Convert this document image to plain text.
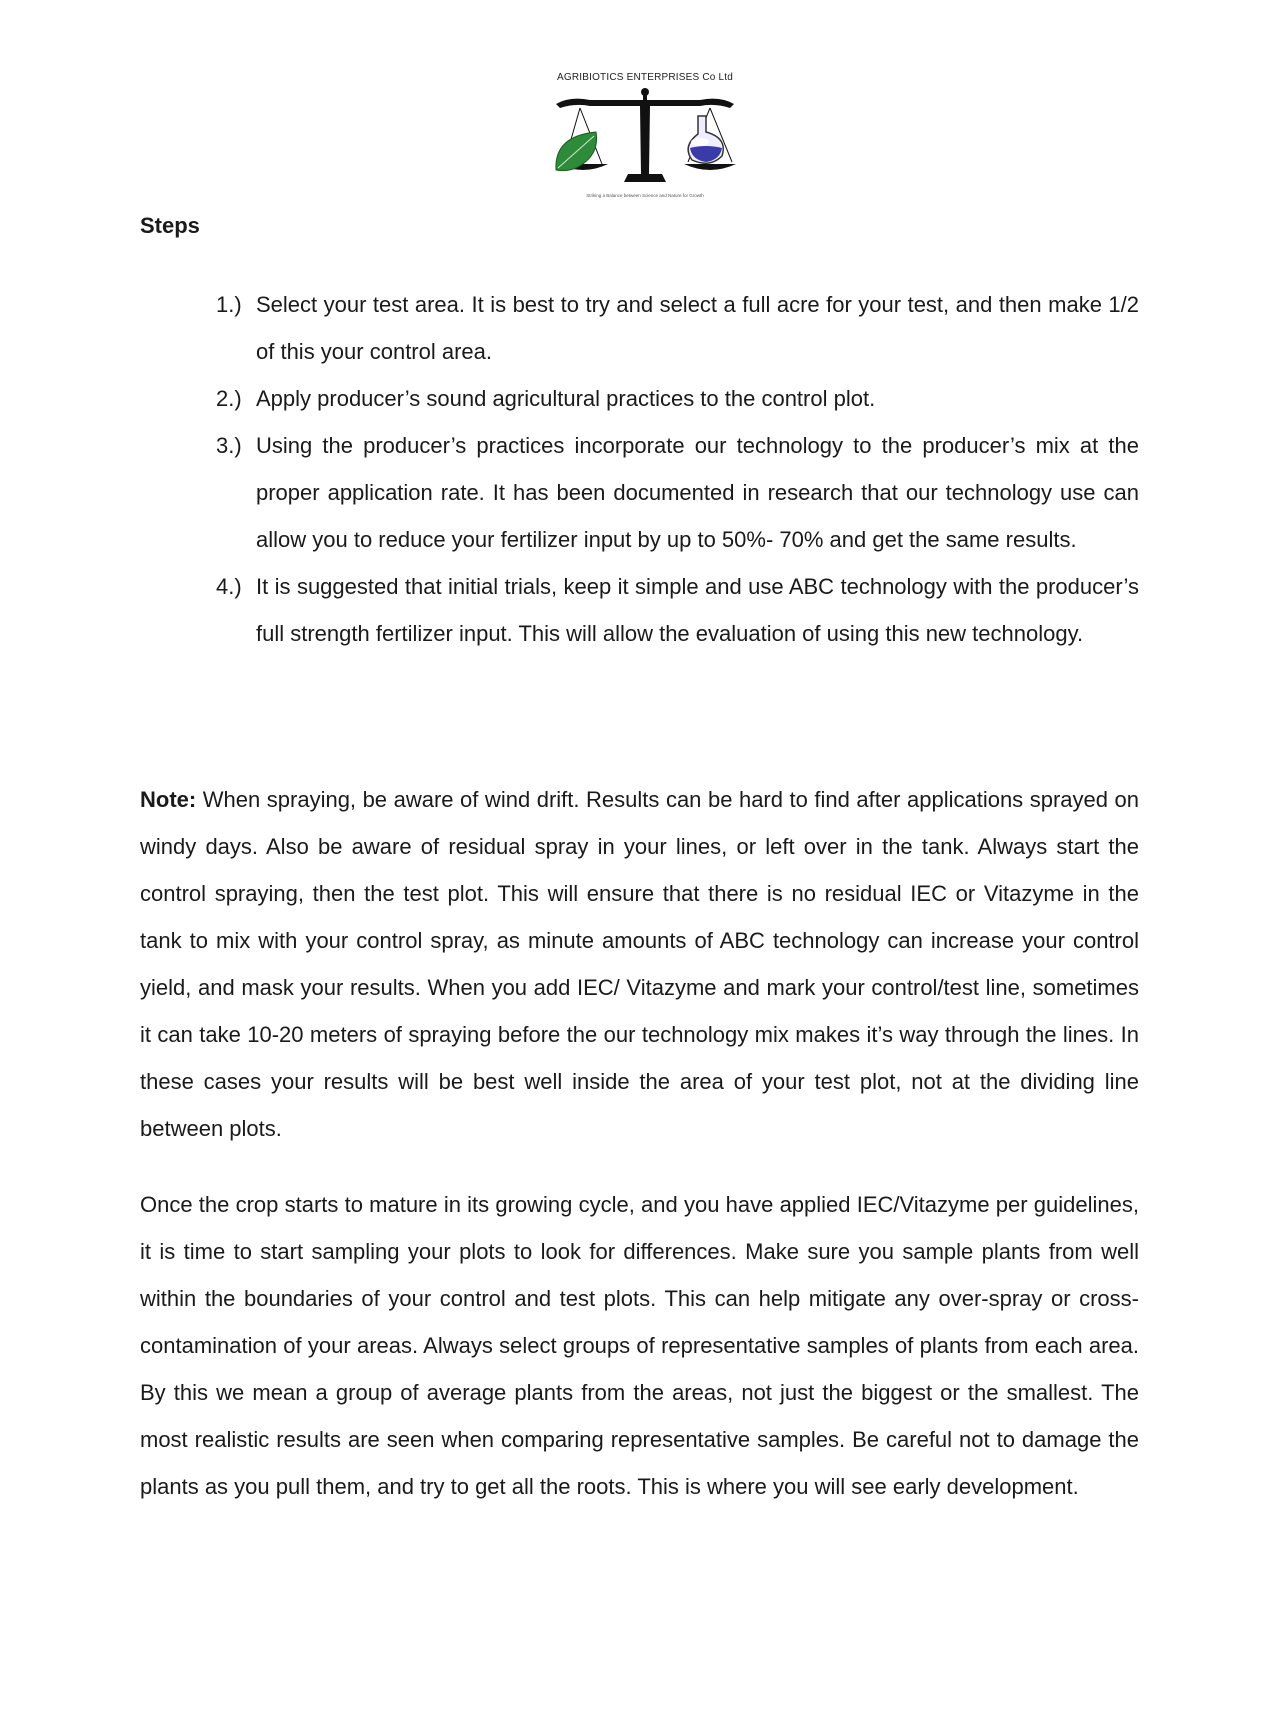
AGRIBIOTICS ENTERPRISES Co Ltd
Striking a Balance between Science and Nature for Growth
Steps
1.) Select your test area. It is best to try and select a full acre for your test, and then make 1/2 of this your control area.
2.) Apply producer’s sound agricultural practices to the control plot.
3.) Using the producer’s practices incorporate our technology to the producer’s mix at the proper application rate. It has been documented in research that our technology use can allow you to reduce your fertilizer input by up to 50%- 70% and get the same results.
4.) It is suggested that initial trials, keep it simple and use ABC technology with the producer’s full strength fertilizer input. This will allow the evaluation of using this new technology.

Note: When spraying, be aware of wind drift. Results can be hard to find after applications sprayed on windy days. Also be aware of residual spray in your lines, or left over in the tank. Always start the control spraying, then the test plot. This will ensure that there is no residual IEC or Vitazyme in the tank to mix with your control spray, as minute amounts of ABC technology can increase your control yield, and mask your results. When you add IEC/ Vitazyme and mark your control/test line, sometimes it can take 10-20 meters of spraying before the our technology mix makes it’s way through the lines. In these cases your results will be best well inside the area of your test plot, not at the dividing line between plots.

Once the crop starts to mature in its growing cycle, and you have applied IEC/Vitazyme per guidelines, it is time to start sampling your plots to look for differences. Make sure you sample plants from well within the boundaries of your control and test plots. This can help mitigate any over-spray or cross-contamination of your areas. Always select groups of representative samples of plants from each area. By this we mean a group of average plants from the areas, not just the biggest or the smallest. The most realistic results are seen when comparing representative samples. Be careful not to damage the plants as you pull them, and try to get all the roots. This is where you will see early development.
